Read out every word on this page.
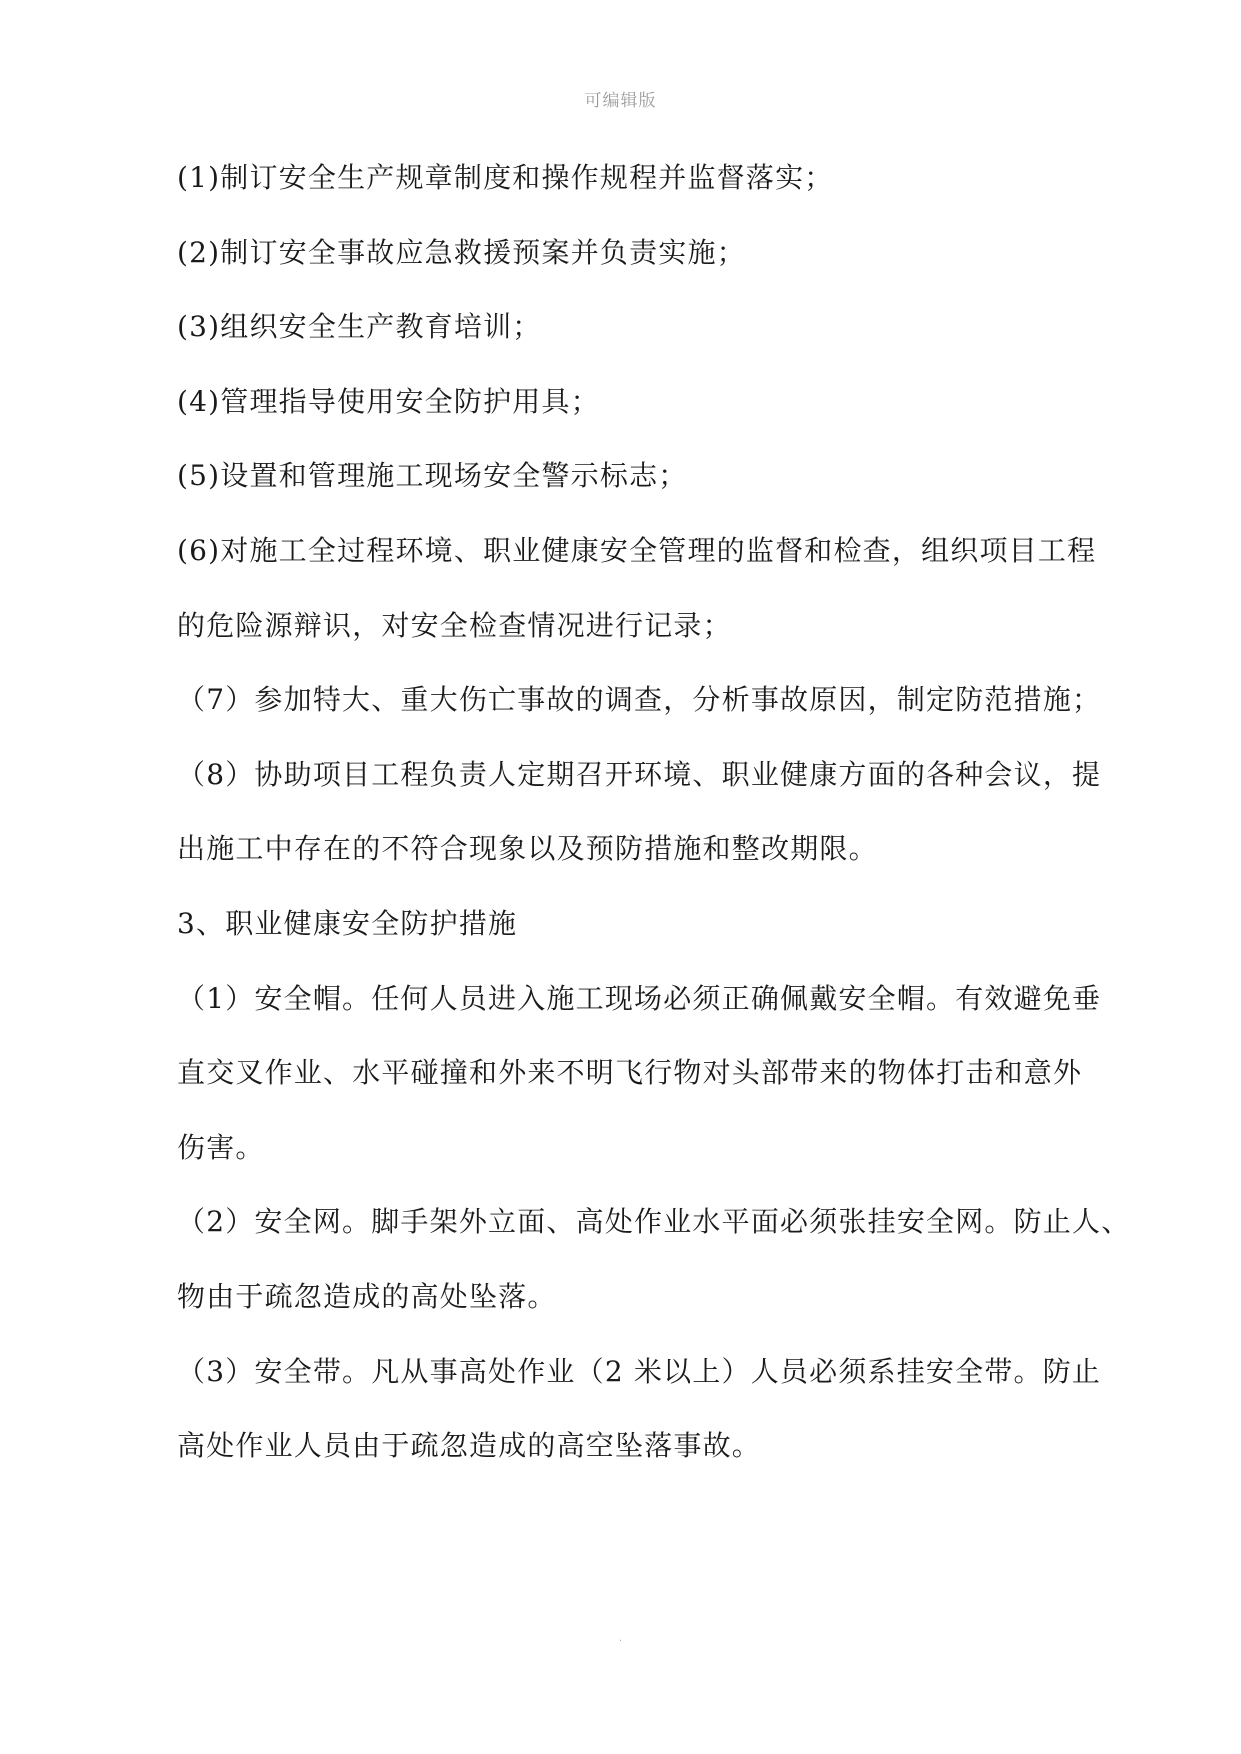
可编辑版
(1)制订安全生产规章制度和操作规程并监督落实；
(2)制订安全事故应急救援预案并负责实施；
(3)组织安全生产教育培训；
(4)管理指导使用安全防护用具；
(5)设置和管理施工现场安全警示标志；
(6)对施工全过程环境、职业健康安全管理的监督和检查，组织项目工程
的危险源辩识，对安全检查情况进行记录；
（7）参加特大、重大伤亡事故的调查，分析事故原因，制定防范措施；
（8）协助项目工程负责人定期召开环境、职业健康方面的各种会议，提
出施工中存在的不符合现象以及预防措施和整改期限。
3、职业健康安全防护措施
（1）安全帽。任何人员进入施工现场必须正确佩戴安全帽。有效避免垂
直交叉作业、水平碰撞和外来不明飞行物对头部带来的物体打击和意外
伤害。
（2）安全网。脚手架外立面、高处作业水平面必须张挂安全网。防止人、
物由于疏忽造成的高处坠落。
（3）安全带。凡从事高处作业（2 米以上）人员必须系挂安全带。防止
高处作业人员由于疏忽造成的高空坠落事故。
.
